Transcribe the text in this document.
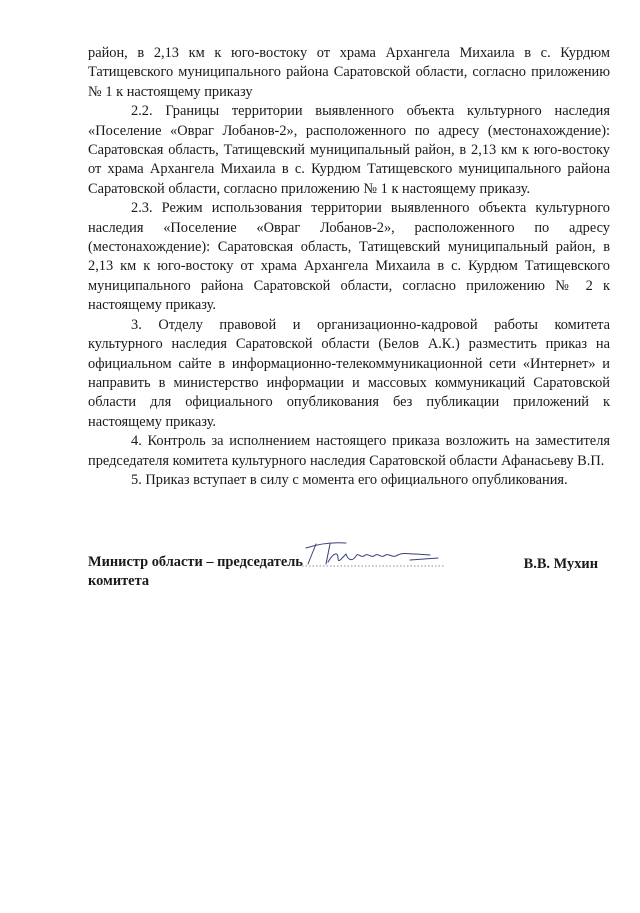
район, в 2,13 км к юго-востоку от храма Архангела Михаила в с. Курдюм Татищевского муниципального района Саратовской области, согласно приложению № 1 к настоящему приказу

2.2. Границы территории выявленного объекта культурного наследия «Поселение «Овраг Лобанов-2», расположенного по адресу (местонахождение): Саратовская область, Татищевский муниципальный район, в 2,13 км к юго-востоку от храма Архангела Михаила в с. Курдюм Татищевского муниципального района Саратовской области, согласно приложению № 1 к настоящему приказу.

2.3. Режим использования территории выявленного объекта культурного наследия «Поселение «Овраг Лобанов-2», расположенного по адресу (местонахождение): Саратовская область, Татищевский муниципальный район, в 2,13 км к юго-востоку от храма Архангела Михаила в с. Курдюм Татищевского муниципального района Саратовской области, согласно приложению № 2 к настоящему приказу.

3. Отделу правовой и организационно-кадровой работы комитета культурного наследия Саратовской области (Белов А.К.) разместить приказ на официальном сайте в информационно-телекоммуникационной сети «Интернет» и направить в министерство информации и массовых коммуникаций Саратовской области для официального опубликования без публикации приложений к настоящему приказу.

4. Контроль за исполнением настоящего приказа возложить на заместителя председателя комитета культурного наследия Саратовской области Афанасьеву В.П.

5. Приказ вступает в силу с момента его официального опубликования.

Министр области – председатель комитета

В.В. Мухин
